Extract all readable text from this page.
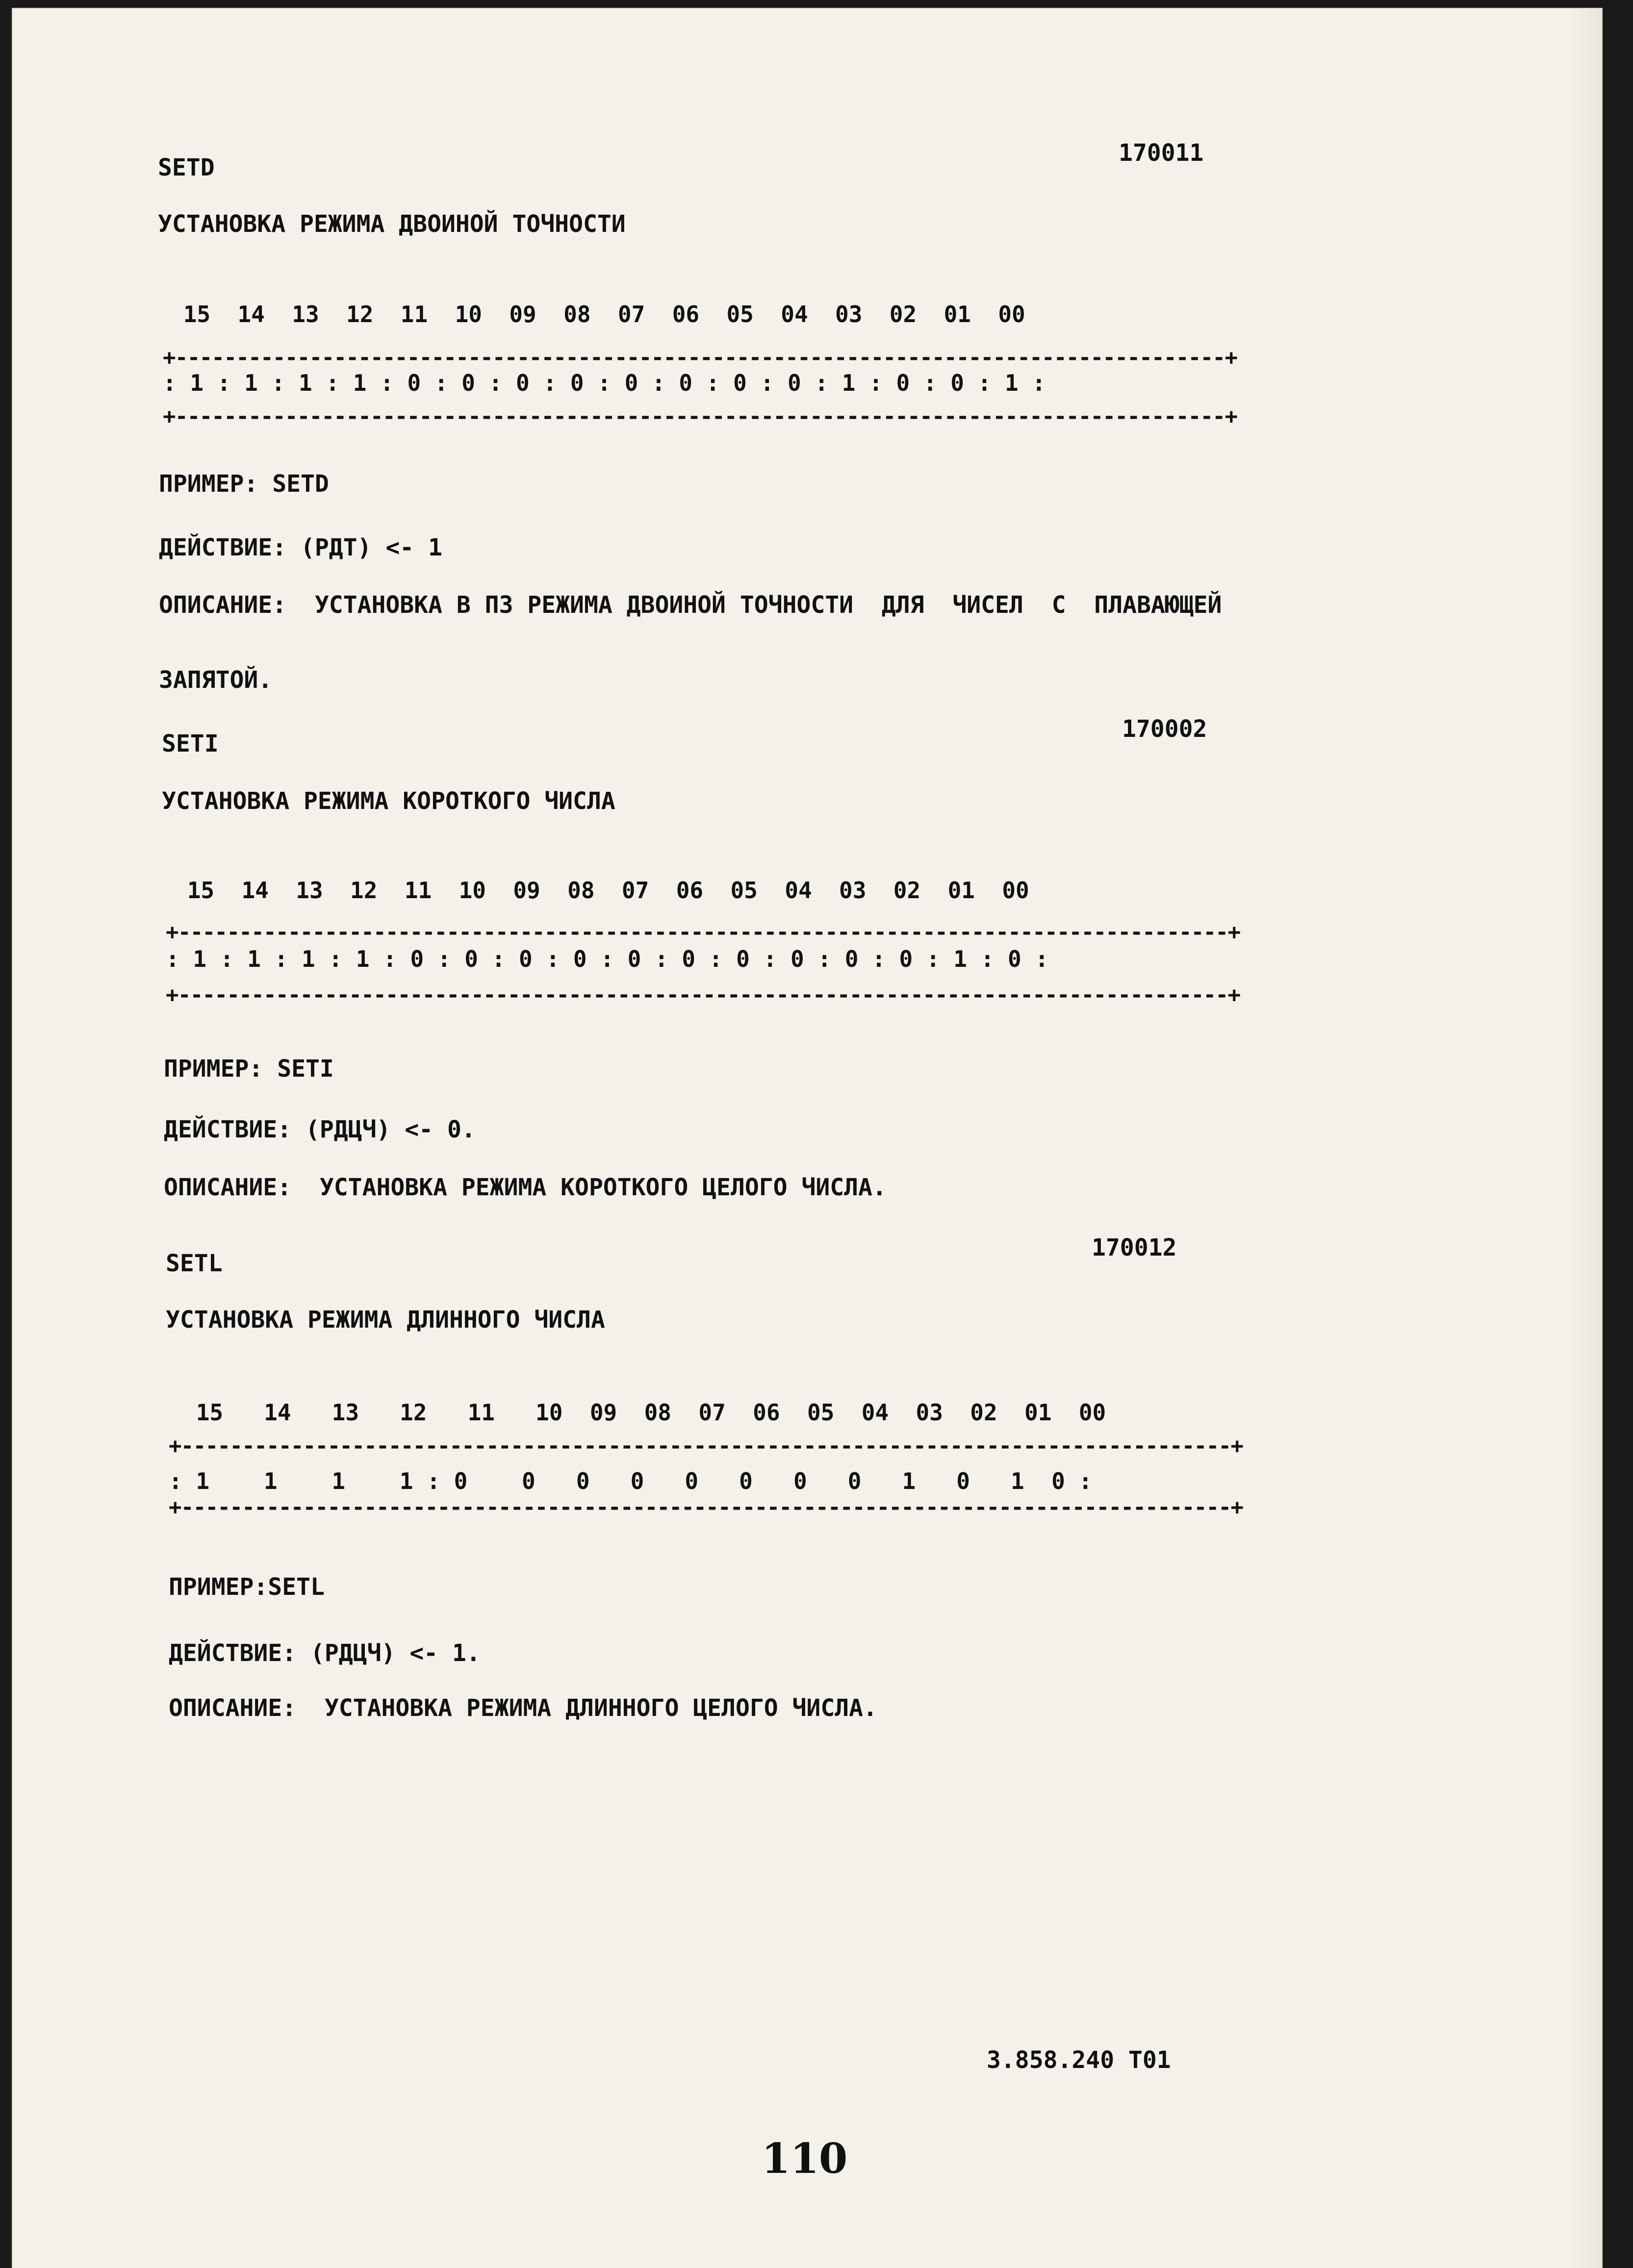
SETD
170011
УСТАНОВКА РЕЖИМА ДВОИНОЙ ТОЧНОСТИ
15  14  13  12  11  10  09  08  07  06  05  04  03  02  01  00
+--------------------------------------------------------------------------------------+
: 1 : 1 : 1 : 1 : 0 : 0 : 0 : 0 : 0 : 0 : 0 : 0 : 1 : 0 : 0 : 1 :
+--------------------------------------------------------------------------------------+
ПРИМЕР: SETD
ДЕЙСТВИЕ: (РДТ) <- 1
ОПИСАНИЕ:  УСТАНОВКА В ПЗ РЕЖИМА ДВОИНОЙ ТОЧНОСТИ  ДЛЯ  ЧИСЕЛ  С  ПЛАВАЮЩЕЙ
ЗАПЯТОЙ.
SETI
170002
УСТАНОВКА РЕЖИМА КОРОТКОГО ЧИСЛА
15  14  13  12  11  10  09  08  07  06  05  04  03  02  01  00
+--------------------------------------------------------------------------------------+
: 1 : 1 : 1 : 1 : 0 : 0 : 0 : 0 : 0 : 0 : 0 : 0 : 0 : 0 : 1 : 0 :
+--------------------------------------------------------------------------------------+
ПРИМЕР: SETI
ДЕЙСТВИЕ: (РДЦЧ) <- 0.
ОПИСАНИЕ:  УСТАНОВКА РЕЖИМА КОРОТКОГО ЦЕЛОГО ЧИСЛА.
SETL
170012
УСТАНОВКА РЕЖИМА ДЛИННОГО ЧИСЛА
15   14   13   12   11   10  09  08  07  06  05  04  03  02  01  00
+--------------------------------------------------------------------------------------+
: 1    1    1    1 : 0    0   0   0   0   0   0   0   1   0   1  0 :
+--------------------------------------------------------------------------------------+
ПРИМЕР:SETL
ДЕЙСТВИЕ: (РДЦЧ) <- 1.
ОПИСАНИЕ:  УСТАНОВКА РЕЖИМА ДЛИННОГО ЦЕЛОГО ЧИСЛА.
3.858.240 Т01
110
